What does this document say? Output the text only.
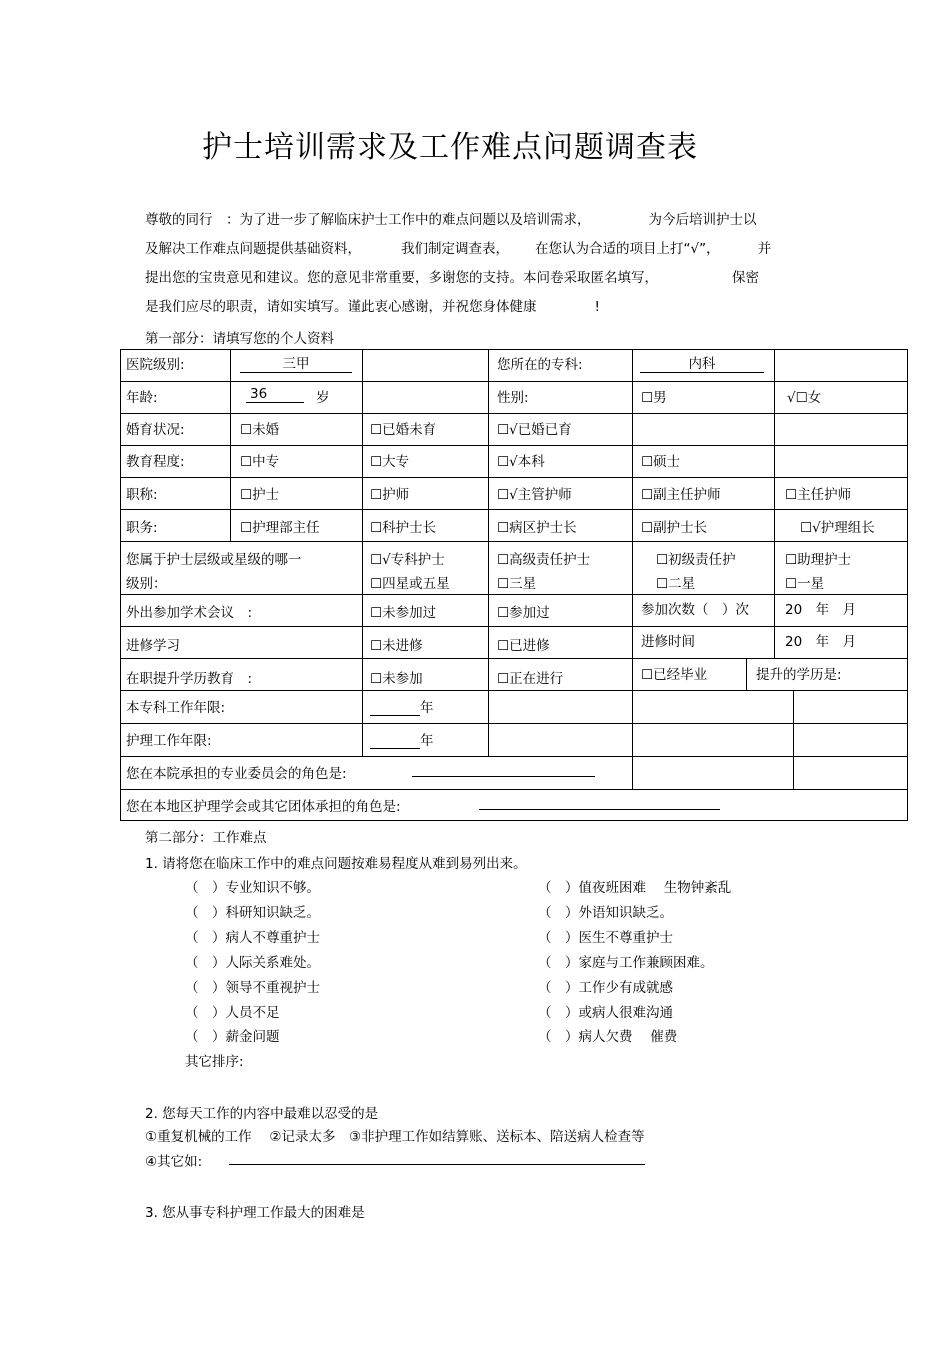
护士培训需求及工作难点问题调查表
尊敬的同行　：为了进一步了解临床护士工作中的难点问题以及培训需求，	为今后培训护士以
及解决工作难点问题提供基础资料，	我们制定调查表， 在您认为合适的项目上打“√”，	并
提出您的宝贵意见和建议。您的意见非常重要，多谢您的支持。本问卷采取匿名填写，	保密
是我们应尽的职责，请如实填写。谨此衷心感谢，并祝您身体健康	!
第一部分：请填写您的个人资料
医院级别:	三甲	您所在的专科:	内科
年龄:	36	岁	性别:	☐男	√☐女
婚育状况:	☐未婚	☐已婚未育	☐√已婚已育
教育程度:	☐中专	☐大专	☐√本科	☐硕士
职称:	☐护士	☐护师	☐√主管护师	☐副主任护师	☐主任护师
职务:	☐护理部主任	☐科护士长	☐病区护士长	☐副护士长	☐√护理组长
您属于护士层级或星级的哪一
级别：
☐√专科护士	☐高级责任护士	☐初级责任护	☐助理护士
☐四星或五星	☐三星	☐二星	☐一星
外出参加学术会议　:	☐未参加过	☐参加过	参加次数（　）次	20　年　月
进修学习	☐未进修	☐已进修	进修时间	20　年　月
在职提升学历教育　:	☐未参加	☐正在进行	☐已经毕业	提升的学历是:
本专科工作年限:	年
护理工作年限:	年
您在本院承担的专业委员会的角色是:
您在本地区护理学会或其它团体承担的角色是:
第二部分：工作难点
1. 请将您在临床工作中的难点问题按难易程度从难到易列出来。
（　）专业知识不够。
（　）科研知识缺乏。
（　）病人不尊重护士
（　）人际关系难处。
（　）领导不重视护士
（　）人员不足
（　）薪金问题
（　）值夜班困难　 生物钟紊乱
（　）外语知识缺乏。
（　）医生不尊重护士
（　）家庭与工作兼顾困难。
（　）工作少有成就感
（　）或病人很难沟通
（　）病人欠费　 催费
其它排序:
2. 您每天工作的内容中最难以忍受的是
①重复机械的工作　 ②记录太多　③非护理工作如结算账、送标本、陪送病人检查等
④其它如:
3. 您从事专科护理工作最大的困难是
